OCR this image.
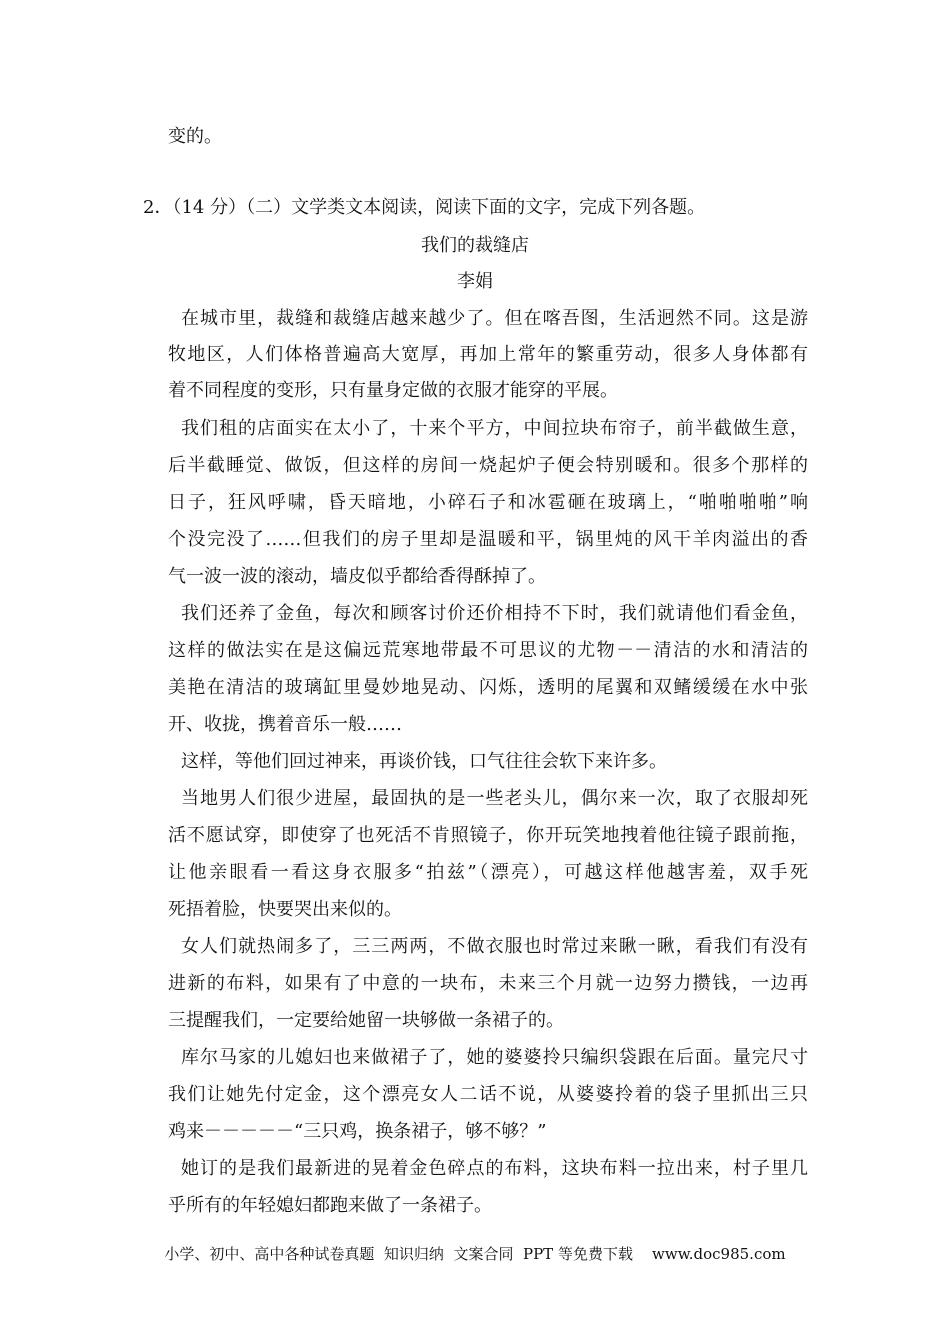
变的。
2．（14 分）（二）文学类文本阅读，阅读下面的文字，完成下列各题。
我们的裁缝店
李娟
在城市里，裁缝和裁缝店越来越少了。但在喀吾图，生活迥然不同。这是游
牧地区，人们体格普遍高大宽厚，再加上常年的繁重劳动，很多人身体都有
着不同程度的变形，只有量身定做的衣服才能穿的平展。
我们租的店面实在太小了，十来个平方，中间拉块布帘子，前半截做生意，
后半截睡觉、做饭，但这样的房间一烧起炉子便会特别暖和。很多个那样的
日子，狂风呼啸，昏天暗地，小碎石子和冰雹砸在玻璃上，“啪啪啪啪”响
个没完没了……但我们的房子里却是温暖和平，锅里炖的风干羊肉溢出的香
气一波一波的滚动，墙皮似乎都给香得酥掉了。
我们还养了金鱼，每次和顾客讨价还价相持不下时，我们就请他们看金鱼，
这样的做法实在是这偏远荒寒地带最不可思议的尤物－－清洁的水和清洁的
美艳在清洁的玻璃缸里曼妙地晃动、闪烁，透明的尾翼和双鳍缓缓在水中张
开、收拢，携着音乐一般……
这样，等他们回过神来，再谈价钱，口气往往会软下来许多。
当地男人们很少进屋，最固执的是一些老头儿，偶尔来一次，取了衣服却死
活不愿试穿，即使穿了也死活不肯照镜子，你开玩笑地拽着他往镜子跟前拖，
让他亲眼看一看这身衣服多“拍兹”（漂亮），可越这样他越害羞，双手死
死捂着脸，快要哭出来似的。
女人们就热闹多了，三三两两，不做衣服也时常过来瞅一瞅，看我们有没有
进新的布料，如果有了中意的一块布，未来三个月就一边努力攒钱，一边再
三提醒我们，一定要给她留一块够做一条裙子的。
库尔马家的儿媳妇也来做裙子了，她的婆婆拎只编织袋跟在后面。量完尺寸
我们让她先付定金，这个漂亮女人二话不说，从婆婆拎着的袋子里抓出三只
鸡来－－－－－“三只鸡，换条裙子，够不够？”
她订的是我们最新进的晃着金色碎点的布料，这块布料一拉出来，村子里几
乎所有的年轻媳妇都跑来做了一条裙子。
小学、初中、高中各种试卷真题  知识归纳  文案合同  PPT 等免费下载    www.doc985.com
